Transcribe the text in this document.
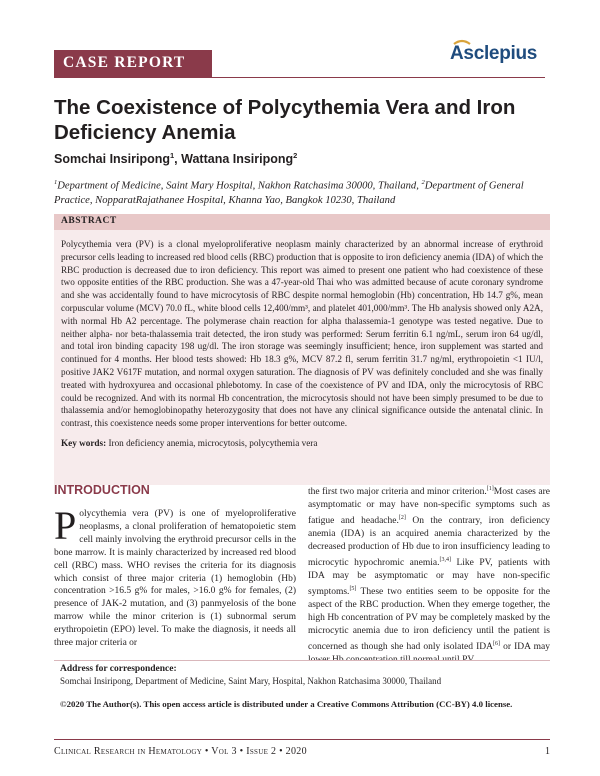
CASE REPORT	Asclepius
The Coexistence of Polycythemia Vera and Iron Deficiency Anemia
Somchai Insiripong$^1$, Wattana Insiripong$^2$
$^1$Department of Medicine, Saint Mary Hospital, Nakhon Ratchasima 30000, Thailand, $^2$Department of General Practice, NopparatRajathanee Hospital, Khanna Yao, Bangkok 10230, Thailand
ABSTRACT
Polycythemia vera (PV) is a clonal myeloproliferative neoplasm mainly characterized by an abnormal increase of erythroid precursor cells leading to increased red blood cells (RBC) production that is opposite to iron deficiency anemia (IDA) of which the RBC production is decreased due to iron deficiency. This report was aimed to present one patient who had coexistence of these two opposite entities of the RBC production. She was a 47-year-old Thai who was admitted because of acute coronary syndrome and she was accidentally found to have microcytosis of RBC despite normal hemoglobin (Hb) concentration, Hb 14.7 g%, mean corpuscular volume (MCV) 70.0 fL, white blood cells 12,400/mm³, and platelet 401,000/mm³. The Hb analysis showed only A2A, with normal Hb A2 percentage. The polymerase chain reaction for alpha thalassemia-1 genotype was tested negative. Due to neither alpha- nor beta-thalassemia trait detected, the iron study was performed: Serum ferritin 6.1 ng/mL, serum iron 64 ug/dl, and total iron binding capacity 198 ug/dl. The iron storage was seemingly insufficient; hence, iron supplement was started and continued for 4 months. Her blood tests showed: Hb 18.3 g%, MCV 87.2 fl, serum ferritin 31.7 ng/ml, erythropoietin <1 IU/l, positive JAK2 V617F mutation, and normal oxygen saturation. The diagnosis of PV was definitely concluded and she was finally treated with hydroxyurea and occasional phlebotomy. In case of the coexistence of PV and IDA, only the microcytosis of RBC could be recognized. And with its normal Hb concentration, the microcytosis should not have been simply presumed to be due to thalassemia and/or hemoglobinopathy heterozygosity that does not have any clinical significance outside the antenatal clinic. In contrast, this coexistence needs some proper interventions for better outcome.
Key words: Iron deficiency anemia, microcytosis, polycythemia vera
INTRODUCTION
Polycythemia vera (PV) is one of myeloproliferative neoplasms, a clonal proliferation of hematopoietic stem cell mainly involving the erythroid precursor cells in the bone marrow. It is mainly characterized by increased red blood cell (RBC) mass. WHO revises the criteria for its diagnosis which consist of three major criteria (1) hemoglobin (Hb) concentration >16.5 g% for males, >16.0 g% for females, (2) presence of JAK-2 mutation, and (3) panmyelosis of the bone marrow while the minor criterion is (1) subnormal serum erythropoietin (EPO) level. To make the diagnosis, it needs all three major criteria or
the first two major criteria and minor criterion.[1]Most cases are asymptomatic or may have non-specific symptoms such as fatigue and headache.[2] On the contrary, iron deficiency anemia (IDA) is an acquired anemia characterized by the decreased production of Hb due to iron insufficiency leading to microcytic hypochromic anemia.[3,4] Like PV, patients with IDA may be asymptomatic or may have non-specific symptoms.[5] These two entities seem to be opposite for the aspect of the RBC production. When they emerge together, the high Hb concentration of PV may be completely masked by the microcytic anemia due to iron deficiency until the patient is concerned as though she had only isolated IDA[6] or IDA may
Address for correspondence:
Somchai Insiripong, Department of Medicine, Saint Mary, Hospital, Nakhon Ratchasima 30000, Thailand
©2020 The Author(s). This open access article is distributed under a Creative Commons Attribution (CC-BY) 4.0 license.
Clinical Research in Hematology • Vol 3 • Issue 2 • 2020	1
